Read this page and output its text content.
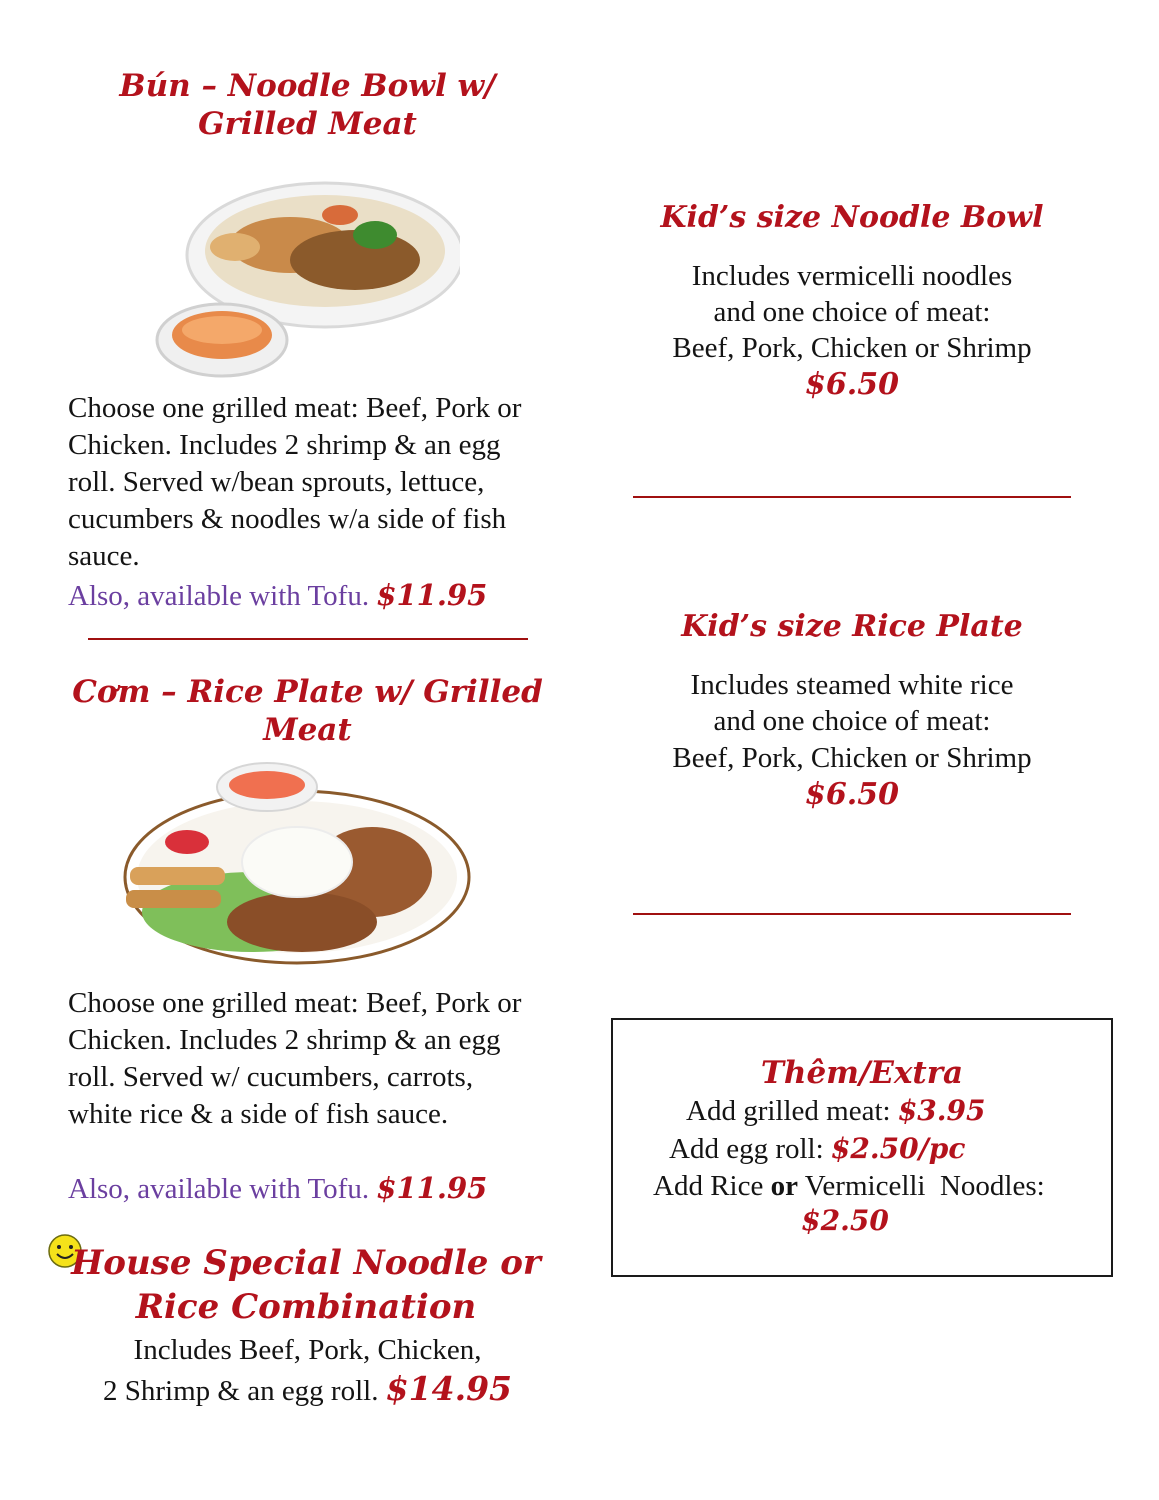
Bún – Noodle Bowl w/ Grilled Meat
Choose one grilled meat: Beef, Pork or Chicken. Includes 2 shrimp & an egg roll. Served w/bean sprouts, lettuce, cucumbers & noodles w/a side of fish sauce.
Also, available with Tofu. $11.95
Cơm – Rice Plate w/ Grilled Meat
Choose one grilled meat: Beef, Pork or Chicken. Includes 2 shrimp & an egg roll. Served w/ cucumbers, carrots, white rice & a side of fish sauce.
Also, available with Tofu. $11.95
House Special Noodle or
Rice Combination
Includes Beef, Pork, Chicken,
2 Shrimp & an egg roll. $14.95
Kid’s size Noodle Bowl
Includes vermicelli noodles
and one choice of meat:
Beef, Pork, Chicken or Shrimp
$6.50
Kid’s size Rice Plate
Includes steamed white rice
and one choice of meat:
Beef, Pork, Chicken or Shrimp
$6.50
Thêm/Extra
Add grilled meat: $3.95
Add egg roll: $2.50/pc
Add Rice or Vermicelli  Noodles:
$2.50
